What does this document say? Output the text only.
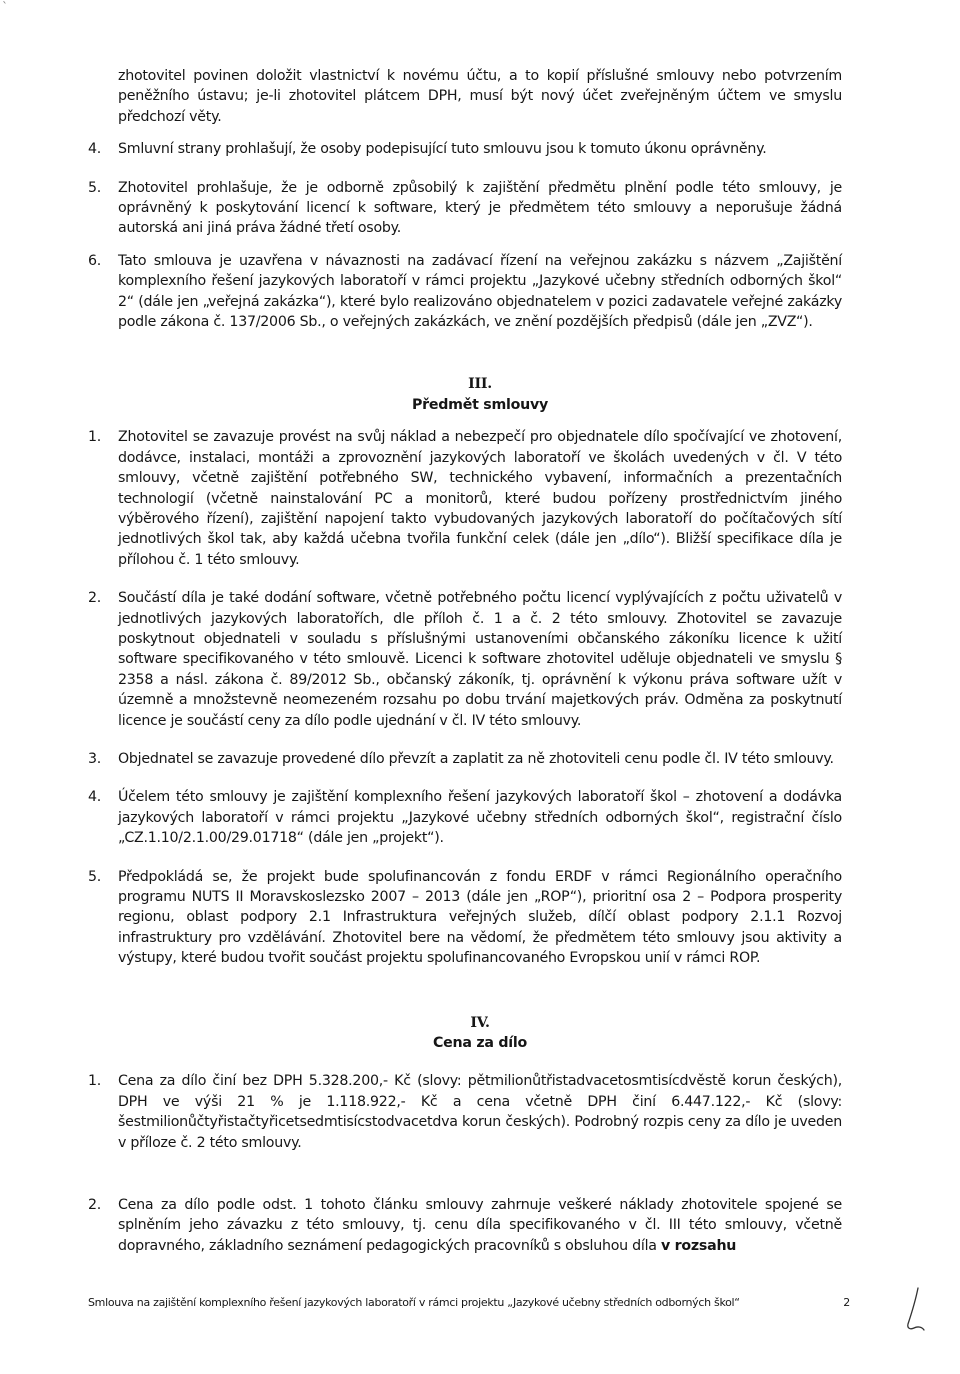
ˋ

zhotovitel povinen doložit vlastnictví k novému účtu, a to kopií příslušné smlouvy nebo potvrzením peněžního ústavu; je-li zhotovitel plátcem DPH, musí být nový účet zveřejněným účtem ve smyslu předchozí věty.

4. Smluvní strany prohlašují, že osoby podepisující tuto smlouvu jsou k tomuto úkonu oprávněny.
5. Zhotovitel prohlašuje, že je odborně způsobilý k zajištění předmětu plnění podle této smlouvy, je oprávněný k poskytování licencí k software, který je předmětem této smlouvy a neporušuje žádná autorská ani jiná práva žádné třetí osoby.
6. Tato smlouva je uzavřena v návaznosti na zadávací řízení na veřejnou zakázku s názvem „Zajištění komplexního řešení jazykových laboratoří v rámci projektu „Jazykové učebny středních odborných škol“ 2“ (dále jen „veřejná zakázka“), které bylo realizováno objednatelem v pozici zadavatele veřejné zakázky podle zákona č. 137/2006 Sb., o veřejných zakázkách, ve znění pozdějších předpisů (dále jen „ZVZ“).
III.
Předmět smlouvy
1. Zhotovitel se zavazuje provést na svůj náklad a nebezpečí pro objednatele dílo spočívající ve zhotovení, dodávce, instalaci, montáži a zprovoznění jazykových laboratoří ve školách uvedených v čl. V této smlouvy, včetně zajištění potřebného SW, technického vybavení, informačních a prezentačních technologií (včetně nainstalování PC a monitorů, které budou pořízeny prostřednictvím jiného výběrového řízení), zajištění napojení takto vybudovaných jazykových laboratoří do počítačových sítí jednotlivých škol tak, aby každá učebna tvořila funkční celek (dále jen „dílo“). Bližší specifikace díla je přílohou č. 1 této smlouvy.
2. Součástí díla je také dodání software, včetně potřebného počtu licencí vyplývajících z počtu uživatelů v jednotlivých jazykových laboratořích, dle příloh č. 1 a č. 2 této smlouvy. Zhotovitel se zavazuje poskytnout objednateli v souladu s příslušnými ustanoveními občanského zákoníku licence k užití software specifikovaného v této smlouvě. Licenci k software zhotovitel uděluje objednateli ve smyslu § 2358 a násl. zákona č. 89/2012 Sb., občanský zákoník, tj. oprávnění k výkonu práva software užít v územně a množstevně neomezeném rozsahu po dobu trvání majetkových práv. Odměna za poskytnutí licence je součástí ceny za dílo podle ujednání v čl. IV této smlouvy.
3. Objednatel se zavazuje provedené dílo převzít a zaplatit za ně zhotoviteli cenu podle čl. IV této smlouvy.
4. Účelem této smlouvy je zajištění komplexního řešení jazykových laboratoří škol – zhotovení a dodávka jazykových laboratoří v rámci projektu „Jazykové učebny středních odborných škol“, registrační číslo „CZ.1.10/2.1.00/29.01718“ (dále jen „projekt“).
5. Předpokládá se, že projekt bude spolufinancován z fondu ERDF v rámci Regionálního operačního programu NUTS II Moravskoslezsko 2007 – 2013 (dále jen „ROP“), prioritní osa 2 – Podpora prosperity regionu, oblast podpory 2.1 Infrastruktura veřejných služeb, dílčí oblast podpory 2.1.1 Rozvoj infrastruktury pro vzdělávání. Zhotovitel bere na vědomí, že předmětem této smlouvy jsou aktivity a výstupy, které budou tvořit součást projektu spolufinancovaného Evropskou unií v rámci ROP.
IV.
Cena za dílo
1. Cena za dílo činí bez DPH 5.328.200,- Kč (slovy: pětmilionůtřistadvacetosmtisícdvěstě korun českých), DPH ve výši 21 % je 1.118.922,- Kč a cena včetně DPH činí 6.447.122,- Kč (slovy: šestmilionůčtyřistačtyřicetsedmtisícstodvacetdva korun českých). Podrobný rozpis ceny za dílo je uveden v příloze č. 2 této smlouvy.
2. Cena za dílo podle odst. 1 tohoto článku smlouvy zahrnuje veškeré náklady zhotovitele spojené se splněním jeho závazku z této smlouvy, tj. cenu díla specifikovaného v čl. III této smlouvy, včetně dopravného, základního seznámení pedagogických pracovníků s obsluhou díla v rozsahu
Smlouva na zajištění komplexního řešení jazykových laboratoří v rámci projektu „Jazykové učebny středních odborných škol“	2
